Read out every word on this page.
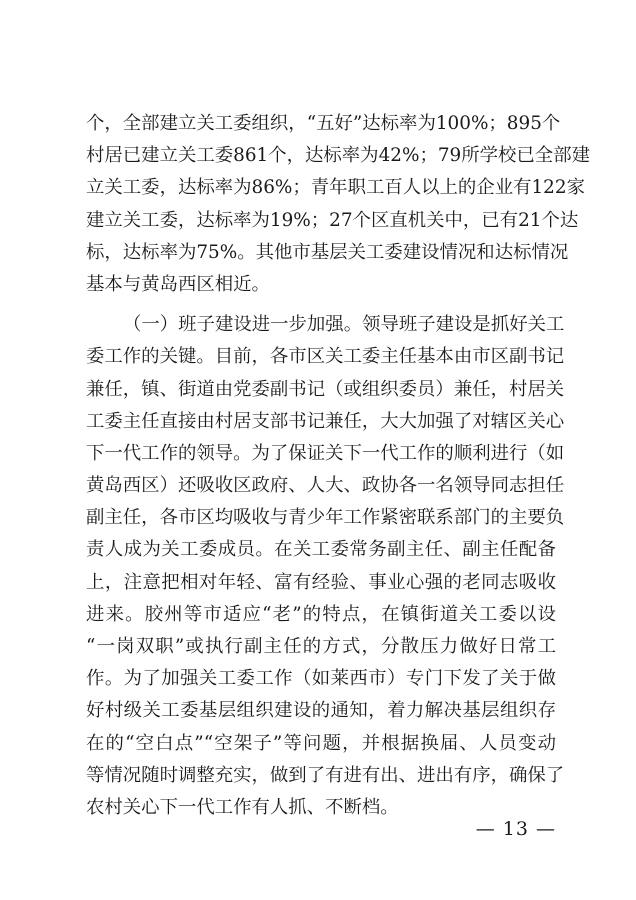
个，全部建立关工委组织，“五好”达标率为100%；895个
村居已建立关工委861个，达标率为42%；79所学校已全部建
立关工委，达标率为86%；青年职工百人以上的企业有122家
建立关工委，达标率为19%；27个区直机关中，已有21个达
标，达标率为75%。其他市基层关工委建设情况和达标情况
基本与黄岛西区相近。
（一）班子建设进一步加强。领导班子建设是抓好关工
委工作的关键。目前，各市区关工委主任基本由市区副书记
兼任，镇、街道由党委副书记（或组织委员）兼任，村居关
工委主任直接由村居支部书记兼任，大大加强了对辖区关心
下一代工作的领导。为了保证关下一代工作的顺利进行（如
黄岛西区）还吸收区政府、人大、政协各一名领导同志担任
副主任，各市区均吸收与青少年工作紧密联系部门的主要负
责人成为关工委成员。在关工委常务副主任、副主任配备
上，注意把相对年轻、富有经验、事业心强的老同志吸收
进来。胶州等市适应“老”的特点，在镇街道关工委以设
“一岗双职”或执行副主任的方式，分散压力做好日常工
作。为了加强关工委工作（如莱西市）专门下发了关于做
好村级关工委基层组织建设的通知，着力解决基层组织存
在的“空白点”“空架子”等问题，并根据换届、人员变动
等情况随时调整充实，做到了有进有出、进出有序，确保了
农村关心下一代工作有人抓、不断档。
— 13 —
